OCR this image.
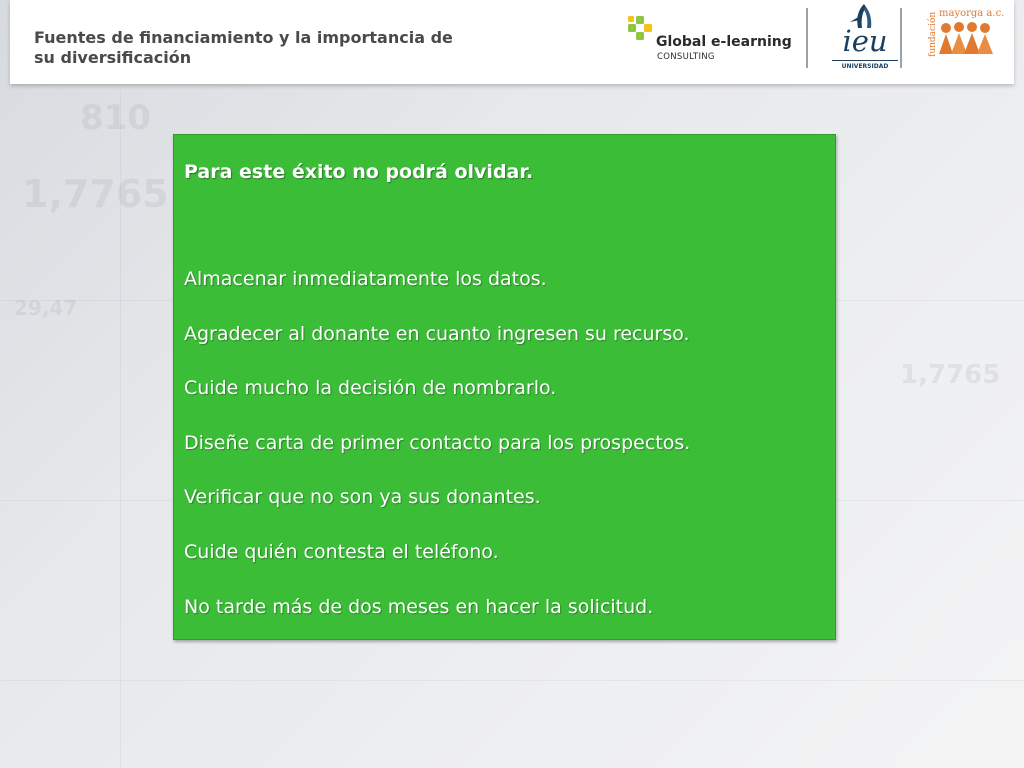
810
1,7765
1,7765
29,47
Fuentes de financiamiento y la importancia de su diversificación
Global e-learning
CONSULTING	ieu
UNIVERSIDAD
fundación mayorga a.c.
Para este éxito no podrá olvidar.
Almacenar inmediatamente los datos.
Agradecer al donante en cuanto ingresen su recurso.
Cuide mucho la decisión de nombrarlo.
Diseñe carta de primer contacto para los prospectos.
Verificar que no son ya sus donantes.
Cuide quién contesta el teléfono.
No tarde más de dos meses en hacer la solicitud.
